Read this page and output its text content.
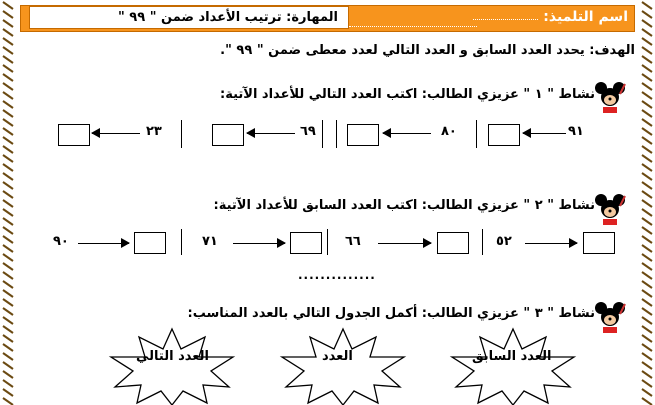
اسم التلميذ:
المهارة: ترتيب الأعداد ضمن " ٩٩ "
الهدف: يحدد العدد السابق و العدد التالي لعدد معطى ضمن " ٩٩ ".
نشاط " ١ " عزيزي الطالب: اكتب العدد التالي للأعداد الآتية:
٩١
٨٠
٦٩
٢٣
نشاط " ٢ " عزيزي الطالب: اكتب العدد السابق للأعداد الآتية:
٥٢
٦٦
٧١
٩٠
..............
نشاط " ٣ " عزيزي الطالب: أكمل الجدول التالي بالعدد المناسب:
العدد السابق
العدد
العدد التالي
